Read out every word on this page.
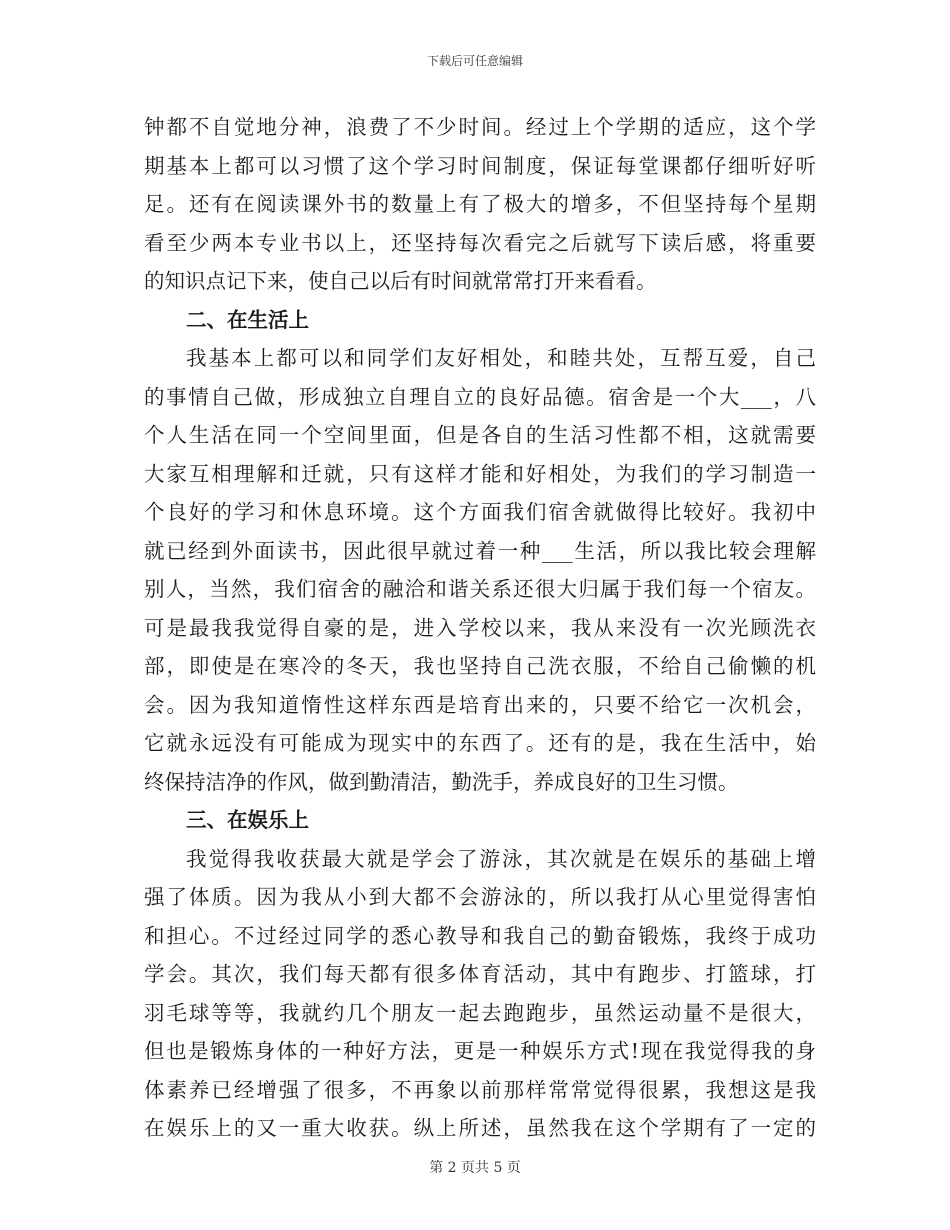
下载后可任意编辑
钟都不自觉地分神，浪费了不少时间。经过上个学期的适应，这个学
期基本上都可以习惯了这个学习时间制度，保证每堂课都仔细听好听
足。还有在阅读课外书的数量上有了极大的增多，不但坚持每个星期
看至少两本专业书以上，还坚持每次看完之后就写下读后感，将重要
的知识点记下来，使自己以后有时间就常常打开来看看。
二、在生活上
我基本上都可以和同学们友好相处，和睦共处，互帮互爱，自己
的事情自己做，形成独立自理自立的良好品德。宿舍是一个大___，八
个人生活在同一个空间里面，但是各自的生活习性都不相，这就需要
大家互相理解和迁就，只有这样才能和好相处，为我们的学习制造一
个良好的学习和休息环境。这个方面我们宿舍就做得比较好。我初中
就已经到外面读书，因此很早就过着一种___生活，所以我比较会理解
别人，当然，我们宿舍的融洽和谐关系还很大归属于我们每一个宿友。
可是最我我觉得自豪的是，进入学校以来，我从来没有一次光顾洗衣
部，即使是在寒冷的冬天，我也坚持自己洗衣服，不给自己偷懒的机
会。因为我知道惰性这样东西是培育出来的，只要不给它一次机会，
它就永远没有可能成为现实中的东西了。还有的是，我在生活中，始
终保持洁净的作风，做到勤清洁，勤洗手，养成良好的卫生习惯。
三、在娱乐上
我觉得我收获最大就是学会了游泳，其次就是在娱乐的基础上增
强了体质。因为我从小到大都不会游泳的，所以我打从心里觉得害怕
和担心。不过经过同学的悉心教导和我自己的勤奋锻炼，我终于成功
学会。其次，我们每天都有很多体育活动，其中有跑步、打篮球，打
羽毛球等等，我就约几个朋友一起去跑跑步，虽然运动量不是很大，
但也是锻炼身体的一种好方法，更是一种娱乐方式!现在我觉得我的身
体素养已经增强了很多，不再象以前那样常常觉得很累，我想这是我
在娱乐上的又一重大收获。纵上所述，虽然我在这个学期有了一定的
第 2 页共 5 页
